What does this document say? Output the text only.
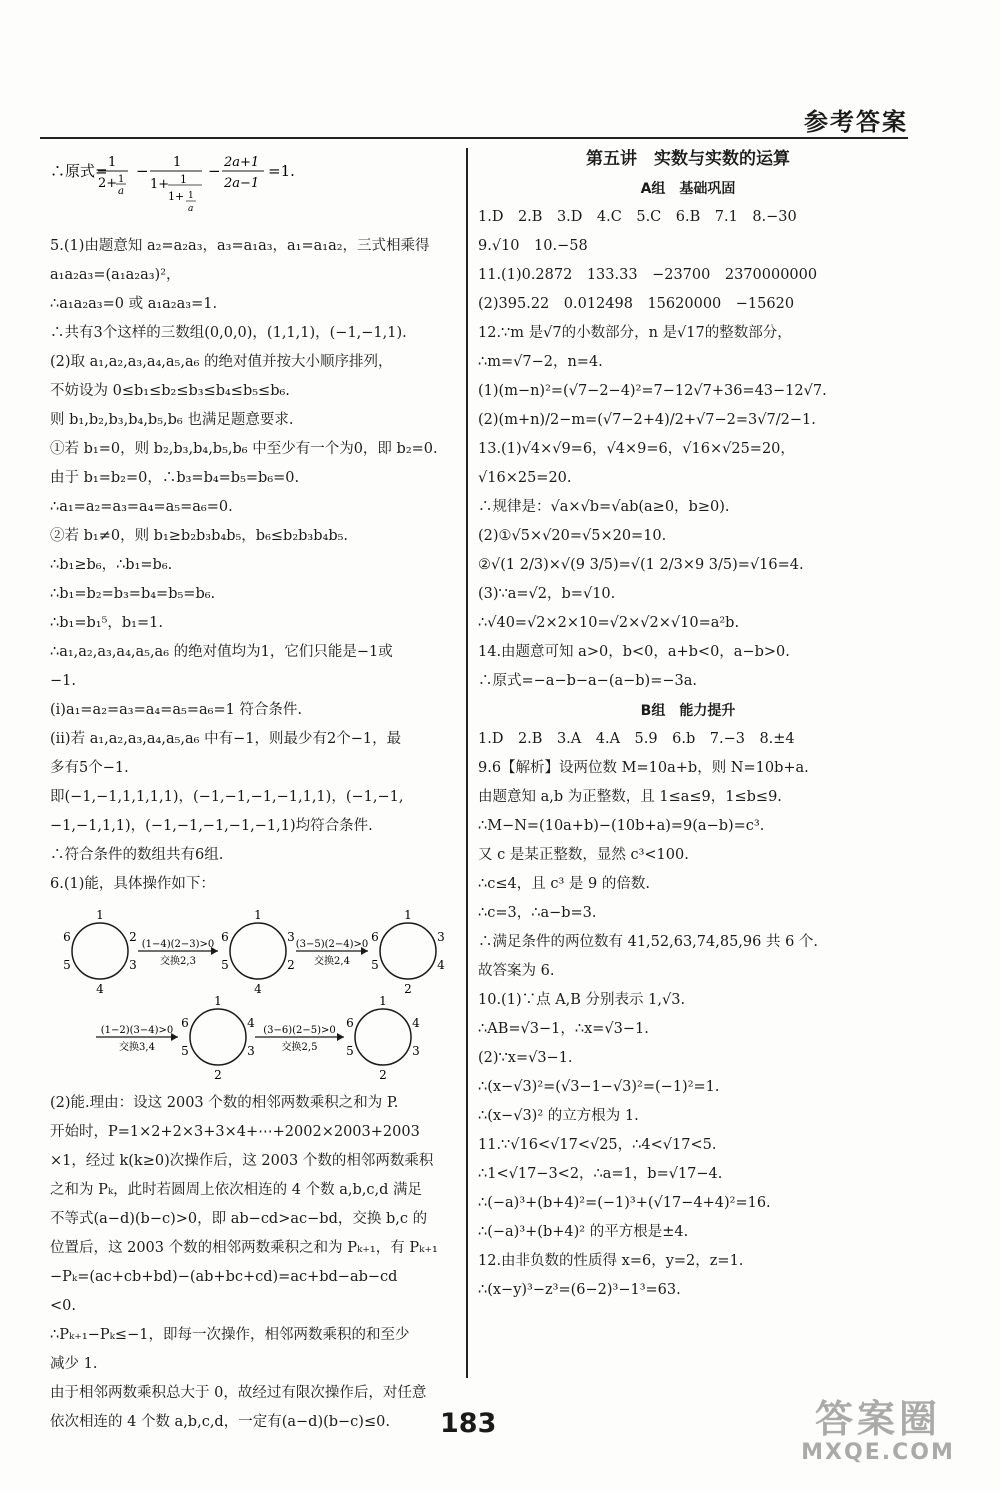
参考答案
∴原式= 1
2+ 1
a
− 1
1+ 1
1+ 1
a
− 2a+1
2a−1
=1.
5.(1)由题意知 a₂=a₂a₃，a₃=a₁a₃，a₁=a₁a₂，三式相乘得
a₁a₂a₃=(a₁a₂a₃)²，
∴a₁a₂a₃=0 或 a₁a₂a₃=1.
∴共有3个这样的三数组(0,0,0)，(1,1,1)，(−1,−1,1).
(2)取 a₁,a₂,a₃,a₄,a₅,a₆ 的绝对值并按大小顺序排列，
不妨设为 0≤b₁≤b₂≤b₃≤b₄≤b₅≤b₆.
则 b₁,b₂,b₃,b₄,b₅,b₆ 也满足题意要求.
①若 b₁=0，则 b₂,b₃,b₄,b₅,b₆ 中至少有一个为0，即 b₂=0.
由于 b₁=b₂=0，∴b₃=b₄=b₅=b₆=0.
∴a₁=a₂=a₃=a₄=a₅=a₆=0.
②若 b₁≠0，则 b₁≥b₂b₃b₄b₅，b₆≤b₂b₃b₄b₅.
∴b₁≥b₆，∴b₁=b₆.
∴b₁=b₂=b₃=b₄=b₅=b₆.
∴b₁=b₁⁵，b₁=1.
∴a₁,a₂,a₃,a₄,a₅,a₆ 的绝对值均为1，它们只能是−1或
−1.
(i)a₁=a₂=a₃=a₄=a₅=a₆=1 符合条件.
(ii)若 a₁,a₂,a₃,a₄,a₅,a₆ 中有−1，则最少有2个−1，最
多有5个−1.
即(−1,−1,1,1,1,1)，(−1,−1,−1,−1,1,1)，(−1,−1,
−1,−1,1,1)，(−1,−1,−1,−1,−1,1)均符合条件.
∴符合条件的数组共有6组.
6.(1)能，具体操作如下：
1
6	2
5	3
4
1
6	3
5	2
4
1
6	3
5	4
2
1
6	4
5	3
2
1
6	4
5	3
2
(1−4)(2−3)>0
交换2,3
(3−5)(2−4)>0
交换2,4
(1−2)(3−4)>0
交换3,4
(3−6)(2−5)>0
交换2,5
(2)能.理由：设这 2003 个数的相邻两数乘积之和为 P.
开始时，P=1×2+2×3+3×4+⋯+2002×2003+2003
×1，经过 k(k≥0)次操作后，这 2003 个数的相邻两数乘积
之和为 Pₖ，此时若圆周上依次相连的 4 个数 a,b,c,d 满足
不等式(a−d)(b−c)>0，即 ab−cd>ac−bd，交换 b,c 的
位置后，这 2003 个数的相邻两数乘积之和为 Pₖ₊₁，有 Pₖ₊₁
−Pₖ=(ac+cb+bd)−(ab+bc+cd)=ac+bd−ab−cd
<0.
∴Pₖ₊₁−Pₖ≤−1，即每一次操作，相邻两数乘积的和至少
减少 1.
由于相邻两数乘积总大于 0，故经过有限次操作后，对任意
依次相连的 4 个数 a,b,c,d，一定有(a−d)(b−c)≤0.
第五讲　实数与实数的运算
A组　基础巩固
1.D　2.B　3.D　4.C　5.C　6.B　7.1　8.−30
9.√10　10.−58
11.(1)0.2872　133.33　−23700　2370000000
(2)395.22　0.012498　15620000　−15620
12.∵m 是√7的小数部分，n 是√17的整数部分，
∴m=√7−2，n=4.
(1)(m−n)²=(√7−2−4)²=7−12√7+36=43−12√7.
(2)(m+n)/2−m=(√7−2+4)/2+√7−2=3√7/2−1.
13.(1)√4×√9=6，√4×9=6，√16×√25=20，
√16×25=20.
∴规律是：√a×√b=√ab(a≥0，b≥0).
(2)①√5×√20=√5×20=10.
②√(1 2/3)×√(9 3/5)=√(1 2/3×9 3/5)=√16=4.
(3)∵a=√2，b=√10.
∴√40=√2×2×10=√2×√2×√10=a²b.
14.由题意可知 a>0，b<0，a+b<0，a−b>0.
∴原式=−a−b−a−(a−b)=−3a.
B组　能力提升
1.D　2.B　3.A　4.A　5.9　6.b　7.−3　8.±4
9.6【解析】设两位数 M=10a+b，则 N=10b+a.
由题意知 a,b 为正整数，且 1≤a≤9，1≤b≤9.
∴M−N=(10a+b)−(10b+a)=9(a−b)=c³.
又 c 是某正整数，显然 c³<100.
∴c≤4，且 c³ 是 9 的倍数.
∴c=3，∴a−b=3.
∴满足条件的两位数有 41,52,63,74,85,96 共 6 个.
故答案为 6.
10.(1)∵点 A,B 分别表示 1,√3.
∴AB=√3−1，∴x=√3−1.
(2)∵x=√3−1.
∴(x−√3)²=(√3−1−√3)²=(−1)²=1.
∴(x−√3)² 的立方根为 1.
11.∵√16<√17<√25，∴4<√17<5.
∴1<√17−3<2，∴a=1，b=√17−4.
∴(−a)³+(b+4)²=(−1)³+(√17−4+4)²=16.
∴(−a)³+(b+4)² 的平方根是±4.
12.由非负数的性质得 x=6，y=2，z=1.
∴(x−y)³−z³=(6−2)³−1³=63.
183	答案圈
MXQE.COM
